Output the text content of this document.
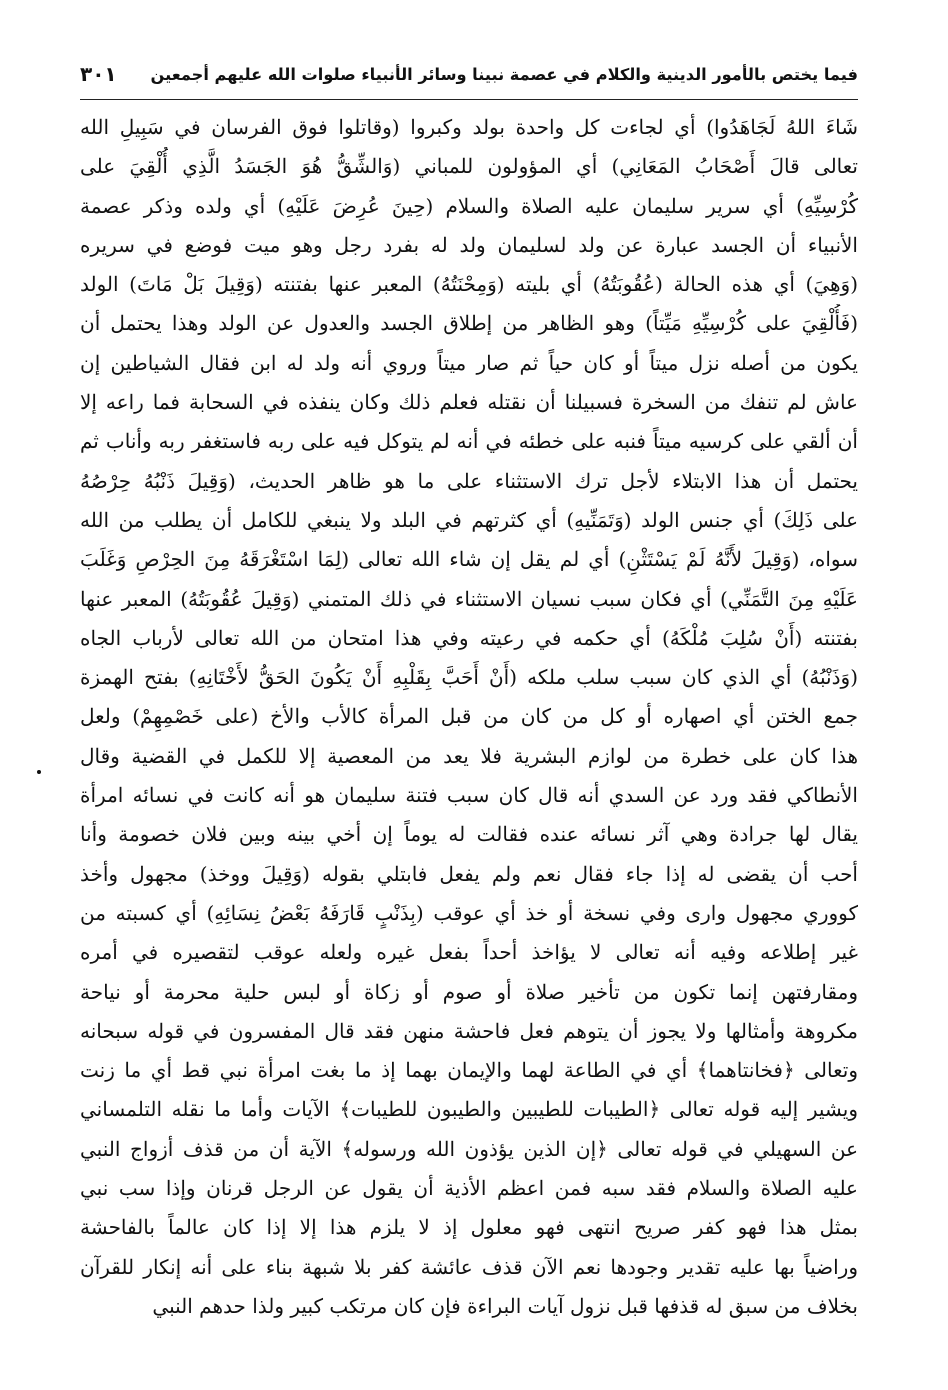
فيما يختص بالأمور الدينية والكلام في عصمة نبينا وسائر الأنبياء صلوات الله عليهم أجمعين
٣٠١
شَاءَ اللهُ لَجَاهَدُوا) أي لجاءت كل واحدة بولد وكبروا (وقاتلوا فوق الفرسان في سَبِيلِ الله
تعالى قالَ أَصْحَابُ المَعَانِي) أي المؤولون للمباني (وَالشِّقُّ هُوَ الجَسَدُ الَّذِي أُلْقِيَ على
كُرْسِيِّهِ) أي سرير سليمان عليه الصلاة والسلام (حِينَ عُرِضَ عَلَيْهِ) أي ولده وذكر عصمة
الأنبياء أن الجسد عبارة عن ولد لسليمان ولد له بفرد رجل وهو ميت فوضع في سريره
(وَهِيَ) أي هذه الحالة (عُقُوبَتُهُ) أي بليته (وَمِحْنَتُهُ) المعبر عنها بفتنته (وَقِيلَ بَلْ مَاتَ) الولد
(فَأُلْقِيَ على كُرْسِيِّهِ مَيِّتاً) وهو الظاهر من إطلاق الجسد والعدول عن الولد وهذا يحتمل أن
يكون من أصله نزل ميتاً أو كان حياً ثم صار ميتاً وروي أنه ولد له ابن فقال الشياطين إن
عاش لم تنفك من السخرة فسبيلنا أن نقتله فعلم ذلك وكان ينفذه في السحابة فما راعه إلا
أن ألقي على كرسيه ميتاً فنبه على خطئه في أنه لم يتوكل فيه على ربه فاستغفر ربه وأناب ثم
يحتمل أن هذا الابتلاء لأجل ترك الاستثناء على ما هو ظاهر الحديث، (وَقِيلَ ذَنْبُهُ حِرْصُهُ
على ذَلِكَ) أي جنس الولد (وَتَمَنِّيهِ) أي كثرتهم في البلد ولا ينبغي للكامل أن يطلب من الله
سواه، (وَقِيلَ لأَنَّهُ لَمْ يَسْتَثْنِ) أي لم يقل إن شاء الله تعالى (لِمَا اسْتَغْرَقَهُ مِنَ الحِرْصِ وَغَلَبَ
عَلَيْهِ مِنَ التَّمَنِّي) أي فكان سبب نسيان الاستثناء في ذلك المتمني (وَقِيلَ عُقُوبَتُهُ) المعبر عنها
بفتنته (أَنْ سُلِبَ مُلْكَهُ) أي حكمه في رعيته وفي هذا امتحان من الله تعالى لأرباب الجاه
(وَذَنْبُهُ) أي الذي كان سبب سلب ملكه (أَنْ أَحَبَّ بِقَلْبِهِ أَنْ يَكُونَ الحَقُّ لأَخْتَانِهِ) بفتح الهمزة
جمع الختن أي اصهاره أو كل من كان من قبل المرأة كالأب والأخ (على خَصْمِهِمْ) ولعل
هذا كان على خطرة من لوازم البشرية فلا يعد من المعصية إلا للكمل في القضية وقال
الأنطاكي فقد ورد عن السدي أنه قال كان سبب فتنة سليمان هو أنه كانت في نسائه امرأة
يقال لها جرادة وهي آثر نسائه عنده فقالت له يوماً إن أخي بينه وبين فلان خصومة وأنا
أحب أن يقضى له إذا جاء فقال نعم ولم يفعل فابتلي بقوله (وَقِيلَ ووخذ) مجهول وأخذ
كووري مجهول وارى وفي نسخة أو خذ أي عوقب (بِذَنْبٍ قَارَفَهُ بَعْضُ نِسَائِهِ) أي كسبته من
غير إطلاعه وفيه أنه تعالى لا يؤاخذ أحداً بفعل غيره ولعله عوقب لتقصيره في أمره
ومقارفتهن إنما تكون من تأخير صلاة أو صوم أو زكاة أو لبس حلية محرمة أو نياحة
مكروهة وأمثالها ولا يجوز أن يتوهم فعل فاحشة منهن فقد قال المفسرون في قوله سبحانه
وتعالى ﴿فخانتاهما﴾ أي في الطاعة لهما والإيمان بهما إذ ما بغت امرأة نبي قط أي ما زنت
ويشير إليه قوله تعالى ﴿الطيبات للطيبين والطيبون للطيبات﴾ الآيات وأما ما نقله التلمساني
عن السهيلي في قوله تعالى ﴿إن الذين يؤذون الله ورسوله﴾ الآية أن من قذف أزواج النبي
عليه الصلاة والسلام فقد سبه فمن اعظم الأذية أن يقول عن الرجل قرنان وإذا سب نبي
بمثل هذا فهو كفر صريح انتهى فهو معلول إذ لا يلزم هذا إلا إذا كان عالماً بالفاحشة
وراضياً بها عليه تقدير وجودها نعم الآن قذف عائشة كفر بلا شبهة بناء على أنه إنكار للقرآن
بخلاف من سبق له قذفها قبل نزول آيات البراءة فإن كان مرتكب كبير ولذا حدهم النبي
